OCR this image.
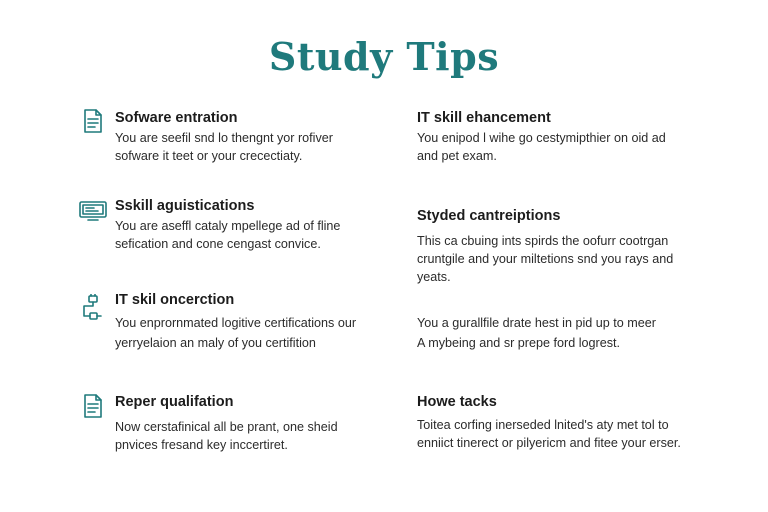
Study Tips
Sofware entration
You are seefil snd lo thengnt yor rofiver
sofware it teet or your crecectiaty.
Sskill aguistications
You are aseffl cataly mpellege ad of fline
sefication and cone cengast convice.
IT skil oncerction
You enprornmated logitive certifications our
yerryelaion an maly of you certifition
Reper qualifation
Now cerstafinical all be prant, one sheid
pnvices fresand key inccertiret.
IT skill ehancement
You enipod l wihe go cestymipthier on oid ad
and pet exam.
Styded cantreiptions
This ca cbuing ints spirds the oofurr cootrgan
cruntgile and your miltetions snd you rays and
yeats.
You a gurallfile drate hest in pid up to meer
A mybeing and sr prepe ford logrest.
Howe tacks
Toitea corfing inerseded lnited's aty met tol to
enniict tinerect or pilyericm and fitee your erser.
